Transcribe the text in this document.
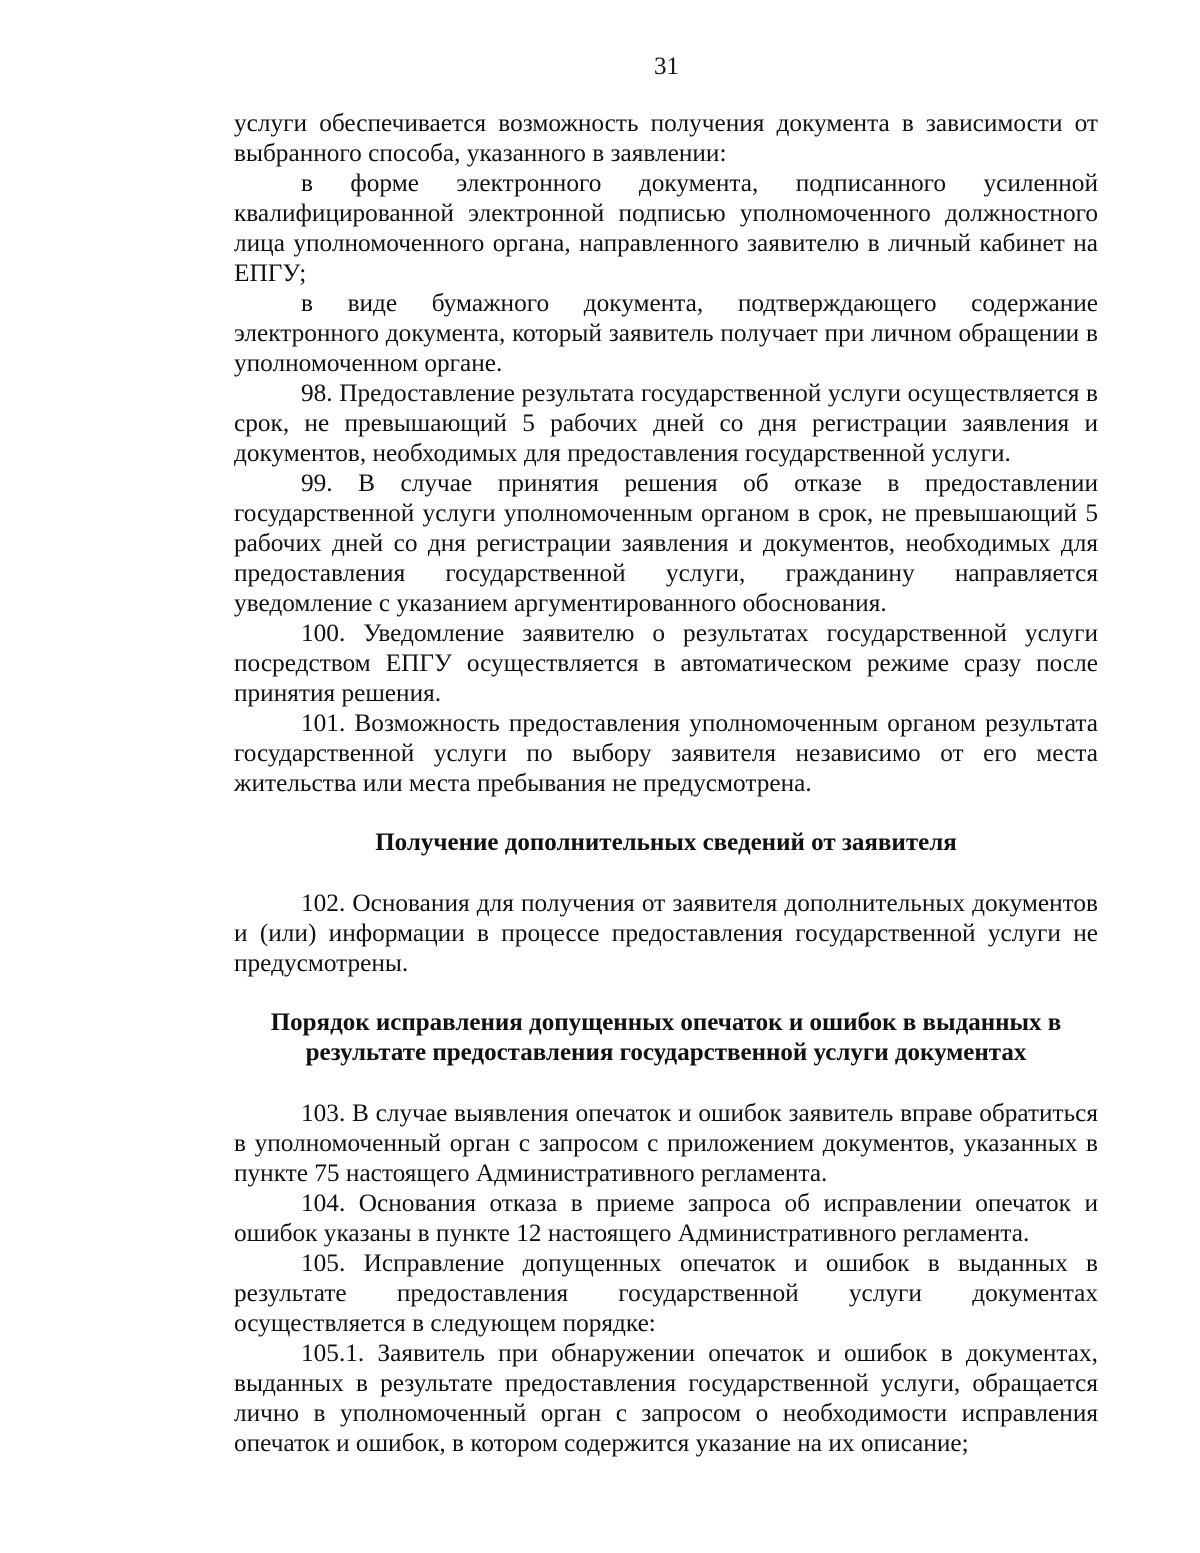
31

услуги обеспечивается возможность получения документа в зависимости от выбранного способа, указанного в заявлении:

в форме электронного документа, подписанного усиленной квалифицированной электронной подписью уполномоченного должностного лица уполномоченного органа, направленного заявителю в личный кабинет на ЕПГУ;

в виде бумажного документа, подтверждающего содержание электронного документа, который заявитель получает при личном обращении в уполномоченном органе.

98. Предоставление результата государственной услуги осуществляется в срок, не превышающий 5 рабочих дней со дня регистрации заявления и документов, необходимых для предоставления государственной услуги.

99. В случае принятия решения об отказе в предоставлении государственной услуги уполномоченным органом в срок, не превышающий 5 рабочих дней со дня регистрации заявления и документов, необходимых для предоставления государственной услуги, гражданину направляется уведомление с указанием аргументированного обоснования.

100. Уведомление заявителю о результатах государственной услуги посредством ЕПГУ осуществляется в автоматическом режиме сразу после принятия решения.

101. Возможность предоставления уполномоченным органом результата государственной услуги по выбору заявителя независимо от его места жительства или места пребывания не предусмотрена.

Получение дополнительных сведений от заявителя

102. Основания для получения от заявителя дополнительных документов и (или) информации в процессе предоставления государственной услуги не предусмотрены.

Порядок исправления допущенных опечаток и ошибок в выданных в
результате предоставления государственной услуги документах

103. В случае выявления опечаток и ошибок заявитель вправе обратиться в уполномоченный орган с запросом с приложением документов, указанных в пункте 75 настоящего Административного регламента.

104. Основания отказа в приеме запроса об исправлении опечаток и ошибок указаны в пункте 12 настоящего Административного регламента.

105. Исправление допущенных опечаток и ошибок в выданных в результате предоставления государственной услуги документах осуществляется в следующем порядке:

105.1. Заявитель при обнаружении опечаток и ошибок в документах, выданных в результате предоставления государственной услуги, обращается лично в уполномоченный орган с запросом о необходимости исправления опечаток и ошибок, в котором содержится указание на их описание;
